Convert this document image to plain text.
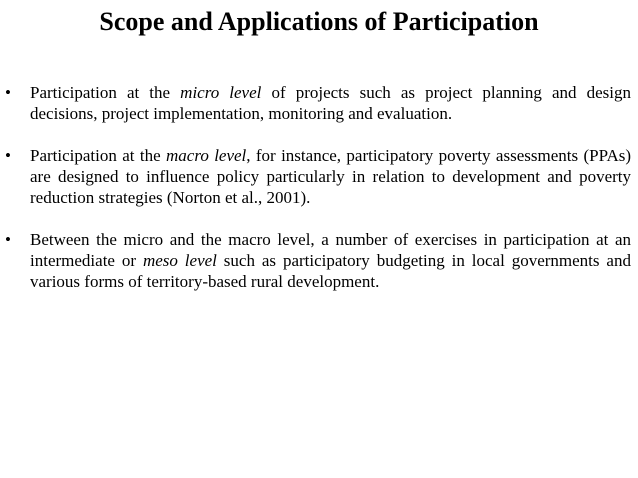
Scope and Applications of Participation
• Participation at the micro level of projects such as project planning and design decisions, project implementation, monitoring and evaluation.
• Participation at the macro level, for instance, participatory poverty assessments (PPAs) are designed to influence policy particularly in relation to development and poverty reduction strategies (Norton et al., 2001).
• Between the micro and the macro level, a number of exercises in participation at an intermediate or meso level such as participatory budgeting in local governments and various forms of territory-based rural development.
